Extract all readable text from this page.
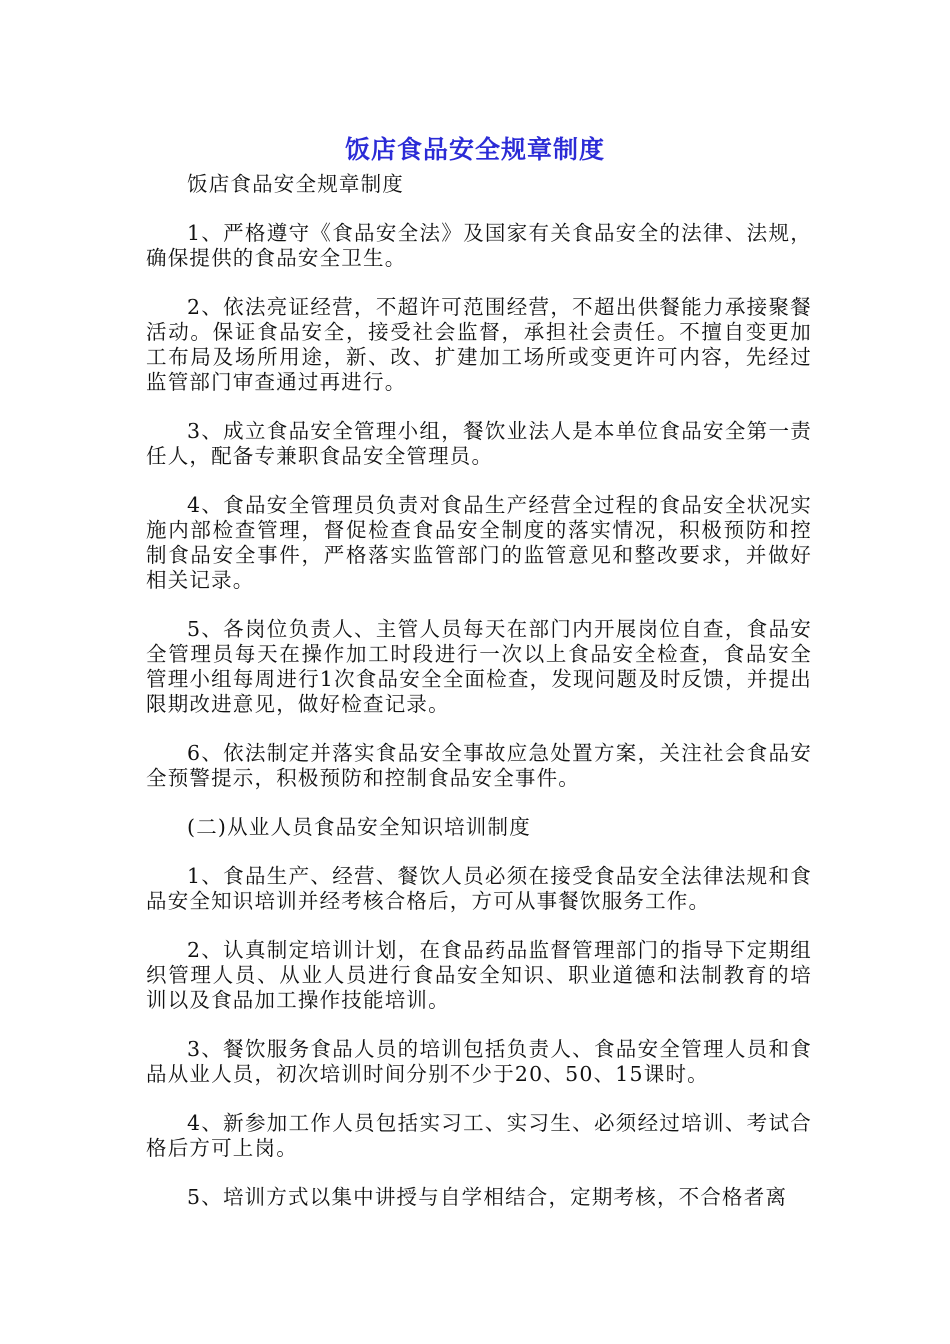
饭店食品安全规章制度

饭店食品安全规章制度

1、严格遵守《食品安全法》及国家有关食品安全的法律、法规，确保提供的食品安全卫生。

2、依法亮证经营，不超许可范围经营，不超出供餐能力承接聚餐活动。保证食品安全，接受社会监督，承担社会责任。不擅自变更加工布局及场所用途，新、改、扩建加工场所或变更许可内容，先经过监管部门审查通过再进行。

3、成立食品安全管理小组，餐饮业法人是本单位食品安全第一责任人，配备专兼职食品安全管理员。

4、食品安全管理员负责对食品生产经营全过程的食品安全状况实施内部检查管理，督促检查食品安全制度的落实情况，积极预防和控制食品安全事件，严格落实监管部门的监管意见和整改要求，并做好相关记录。

5、各岗位负责人、主管人员每天在部门内开展岗位自查，食品安全管理员每天在操作加工时段进行一次以上食品安全检查，食品安全管理小组每周进行1次食品安全全面检查，发现问题及时反馈，并提出限期改进意见，做好检查记录。

6、依法制定并落实食品安全事故应急处置方案，关注社会食品安全预警提示，积极预防和控制食品安全事件。

(二)从业人员食品安全知识培训制度

1、食品生产、经营、餐饮人员必须在接受食品安全法律法规和食品安全知识培训并经考核合格后，方可从事餐饮服务工作。

2、认真制定培训计划，在食品药品监督管理部门的指导下定期组织管理人员、从业人员进行食品安全知识、职业道德和法制教育的培训以及食品加工操作技能培训。

3、餐饮服务食品人员的培训包括负责人、食品安全管理人员和食品从业人员，初次培训时间分别不少于20、50、15课时。

4、新参加工作人员包括实习工、实习生、必须经过培训、考试合格后方可上岗。

5、培训方式以集中讲授与自学相结合，定期考核，不合格者离
